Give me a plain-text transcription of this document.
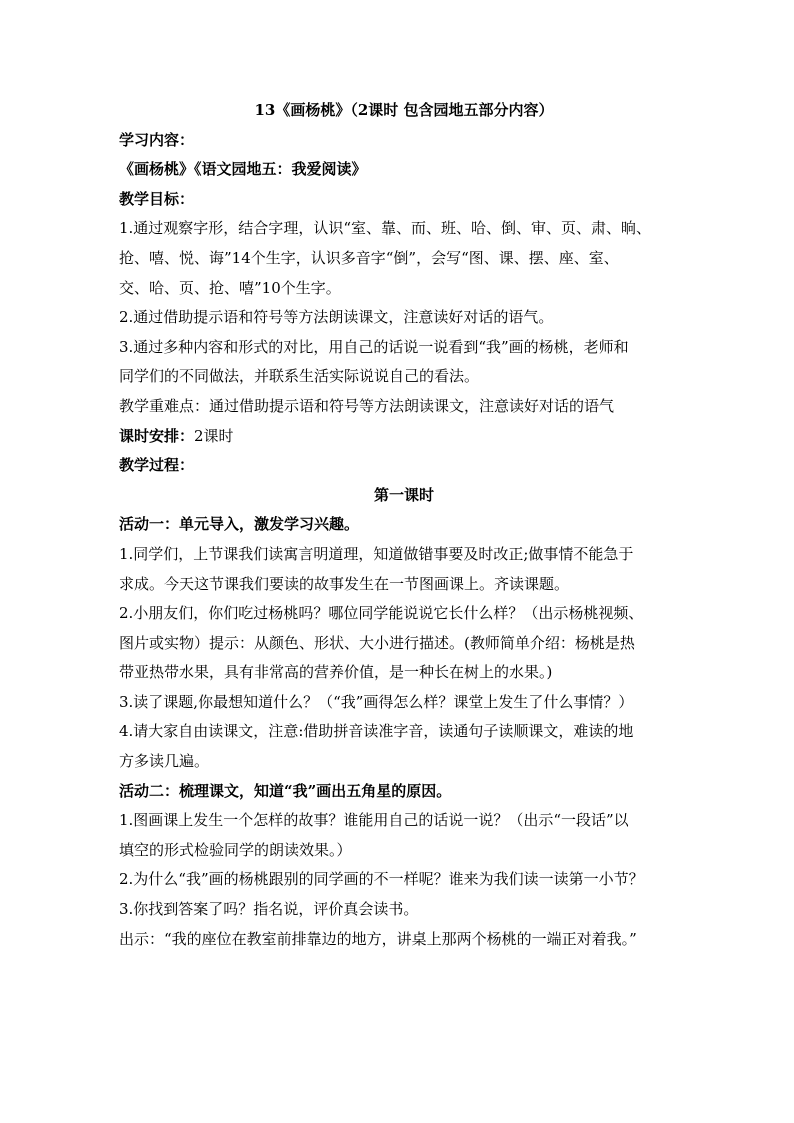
13《画杨桃》（2课时 包含园地五部分内容）
学习内容：
《画杨桃》《语文园地五：我爱阅读》
教学目标：
1.通过观察字形，结合字理，认识“室、靠、而、班、哈、倒、审、页、肃、晌、
抢、嘻、悦、诲”14个生字，认识多音字“倒”，会写“图、课、摆、座、室、
交、哈、页、抢、嘻”10个生字。
2.通过借助提示语和符号等方法朗读课文，注意读好对话的语气。
3.通过多种内容和形式的对比，用自己的话说一说看到“我”画的杨桃，老师和
同学们的不同做法，并联系生活实际说说自己的看法。
教学重难点：通过借助提示语和符号等方法朗读课文，注意读好对话的语气
课时安排：2课时
教学过程：
第一课时
活动一：单元导入，激发学习兴趣。
1.同学们，上节课我们读寓言明道理，知道做错事要及时改正;做事情不能急于
求成。今天这节课我们要读的故事发生在一节图画课上。齐读课题。
2.小朋友们，你们吃过杨桃吗？哪位同学能说说它长什么样？（出示杨桃视频、
图片或实物）提示：从颜色、形状、大小进行描述。(教师简单介绍：杨桃是热
带亚热带水果，具有非常高的营养价值，是一种长在树上的水果。)
3.读了课题,你最想知道什么？（“我”画得怎么样？课堂上发生了什么事情？）
4.请大家自由读课文，注意:借助拼音读准字音，读通句子读顺课文，难读的地
方多读几遍。
活动二：梳理课文，知道“我”画出五角星的原因。
1.图画课上发生一个怎样的故事？谁能用自己的话说一说？（出示“一段话”以
填空的形式检验同学的朗读效果。）
2.为什么“我”画的杨桃跟别的同学画的不一样呢？谁来为我们读一读第一小节？
3.你找到答案了吗？指名说，评价真会读书。
出示：“我的座位在教室前排靠边的地方，讲桌上那两个杨桃的一端正对着我。”
